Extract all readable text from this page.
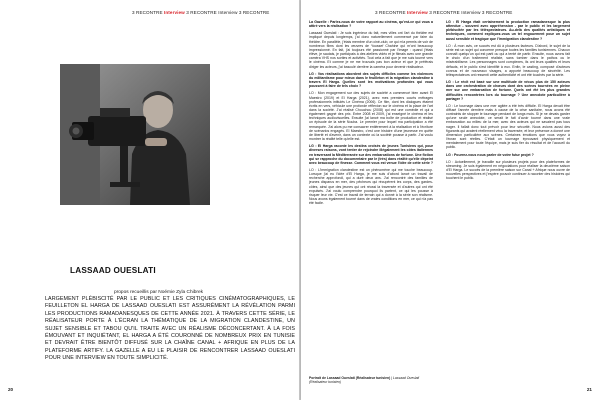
3 RECONTRE Interview 3 RECONTRE Interview 3 RECONTRE
LASSAAD OUESLATI
propos recueillis par Noémie Zyla Chibrek
LARGEMENT PLÉBISCITÉ PAR LE PUBLIC ET LES CRITIQUES CINÉMATOGRAPHIQUES, LE FEUILLETON EL HARGA DE LASSAAD OUESLATI EST ASSURÉMENT LA RÉVÉLATION PARMI LES PRODUCTIONS RAMADANESQUES DE CETTE ANNÉE 2021. À TRAVERS CETTE SÉRIE, LE RÉALISATEUR PORTE À L'ÉCRAN LA THÉMATIQUE DE LA MIGRATION CLANDESTINE, UN SUJET SENSIBLE ET TABOU QU'IL TRAITE AVEC UN RÉALISME DÉCONCERTANT. À LA FOIS ÉMOUVANT ET INQUIÉTANT, EL HARGA A ÉTÉ COURONNÉ DE NOMBREUX PRIX EN TUNISIE ET DEVRAIT ÊTRE BIENTÔT DIFFUSÉ SUR LA CHAÎNE CANAL + AFRIQUE EN PLUS DE LA PLATEFORME ARTIFY. LA GAZELLE A EU LE PLAISIR DE RENCONTRER LASSAAD OUESLATI POUR UNE INTERVIEW EN TOUTE SIMPLICITÉ.
20
3 RECONTRE Interview 3 RECONTRE Interview 3 RECONTRE

La Gazelle : Parlez-nous de votre rapport au cinéma, qu'est-ce qui vous a attiré vers la réalisation ?

Lassaad Oueslati : Je suis ingénieur du fait, mes villes ont l'art du théâtre est impliqué depuis longtemps, j'ai donc naturellement commencé par faire du théâtre. En parallèle, j'étais membre d'un ciné-club, ce qui m'a permis de voir de nombreux films dont les œuvres de Youssef Chahine qui m'ont beaucoup impressionné. En fait, j'ai toujours été passionné par l'image : quand j'étais élève, je sautais, je participais à des ateliers vidéo et je filmais avec une grande caméra VHS nos sorties et activités. Tout cela a fait que je me suis tourné vers le cinéma. Et comme je ne me trouvais pas bon acteur et que je préférais diriger les acteurs, j'ai basculé derrière la caméra pour devenir réalisateur.

LG : Vos réalisations abordent des sujets difficiles comme les violences du militantisme pour mieux dans le feuilleton et la migration clandestine à travers El Harga. Quelles sont les motivations profondes qui vous poussent à faire de tels choix ?

LO : Mon engagement sur des sujets de société a commencé bien avant El Maestro (2019) et El Harga (2021), avec mes premiers courts métrages professionnels intitulés Le Cinéma (2006). Ce film, dont les dialogues étaient écrits en vers, véhicule une profonde réflexion sur le cinéma et la place de l'art dans la société. J'ai réalisé Chouchou (2008) qui est une comédie et qui a également gagné des prix. Entre 2008 et 2009, j'ai enseigné le cinéma et les techniques audiovisuelles. Ensuite j'ai lancé ma boîte de production et réalisé un épisode de la série Nouba. Le premier pour lequel ma participation a été remarquée. J'ai alors pu me consacrer entièrement à la réalisation et à l'écriture de scénarios engagés. El Maestro, c'est une histoire d'une jeunesse en quête de liberté et d'avenir, dans un contexte où la société pousse à partir. J'ai voulu montrer la réalité telle qu'elle est.

LG : El Harga raconte les destins croisés de jeunes Tunisiens qui, pour diverses raisons, vont tenter de rejoindre illégalement les côtes italiennes en traversant la Méditerranée sur des embarcations de fortune. Une fiction qui se rapproche du documentaire par le (très) dans réalité qu'elle dépeint avec beaucoup de finesse. Comment vous est venue l'idée de cette série ?

LO : L'immigration clandestine est un phénomène qui me touche beaucoup. Lorsque j'ai eu l'idée d'El Harga, je me suis d'abord lancé un travail de recherche approfondi, qui a duré deux ans. J'ai rencontré des familles de jeunes disparus en mer, des pêcheurs qui récupèrent les corps, des gardes-côtes, ainsi que des jeunes qui ont réussi la traversée et d'autres qui ont été expulsés. J'ai voulu comprendre pourquoi ils partent, ce qui les pousse à risquer leur vie. C'est ce travail de terrain qui a donné à la série son réalisme. Nous avons également tourné dans de vraies conditions en mer, ce qui n'a pas été facile.

LG : El Harga était certainement la production ramadanesque la plus attendue - souvent avec appréhension - par le public et les largement plébiscitée par les téléspectateurs. Au-delà des qualités artistiques et techniques, comment expliquez-vous un tel engouement pour un sujet aussi sensible et tragique que l'immigration clandestine ?

LO : À mon avis, ce succès est dû à plusieurs facteurs. D'abord, le sujet de la série est un sujet qui concerne presque toutes les familles tunisiennes. Chacun connaît quelqu'un qui est parti ou qui a tenté de partir. Ensuite, nous avons fait le choix d'un traitement réaliste, sans tomber dans le pathos ou le misérabilisme. Les personnages sont complexes, ils ont leurs qualités et leurs défauts, et le public s'est identifié à eux. Enfin, le casting, composé d'acteurs connus et de nouveaux visages, a apporté beaucoup de sincérité. Les téléspectateurs ont ressenti cette authenticité et ont été touchés par la série.

LG : Le récit est basé sur une multitude de vécus plus de 150 acteurs dans une orchestration de chœurs dont des scènes tournées en pleine mer sur une embarcation de fortune. Quels ont été les plus grandes difficultés rencontrées lors du tournage ? Une anecdote particulière à partager ?

LO : Le tournage dans une mer agitée a été très difficile. El Harga devait être diffusé l'année dernière mais à cause de la crise sanitaire, nous avons été contraints de stopper le tournage pendant de longs mois. Si je ne devais garder qu'une seule anecdote, ce serait le fait d'avoir tourné dans une vraie embarcation au milieu de la mer, avec des acteurs qui ne savaient pas tous nager. Il fallait donc tout prévoir pour leur sécurité. Nous avions aussi des figurants qui avaient réellement vécu la traversée, et leur présence a donné une dimension particulière aux scènes. Certaines émotions que vous voyez à l'écran sont réelles. C'était un tournage éprouvant physiquement et mentalement pour toute l'équipe, mais je suis fier du résultat et de l'accueil du public.

LG : Pourrez-vous nous parler de votre futur projet ?

LO : Actuellement, je travaille sur plusieurs projets pour des plateformes de streaming. Je suis également en négociations pour réaliser la deuxième saison d'El Harga. Le succès de la première saison sur Canal + Afrique nous ouvre de nouvelles perspectives et j'espère pouvoir continuer à raconter des histoires qui touchent le public.

Portrait de Lassaad Oueslati (Réalisateur tunisien) | Lassaad Oueslati (Réalisateur tunisien)
21
